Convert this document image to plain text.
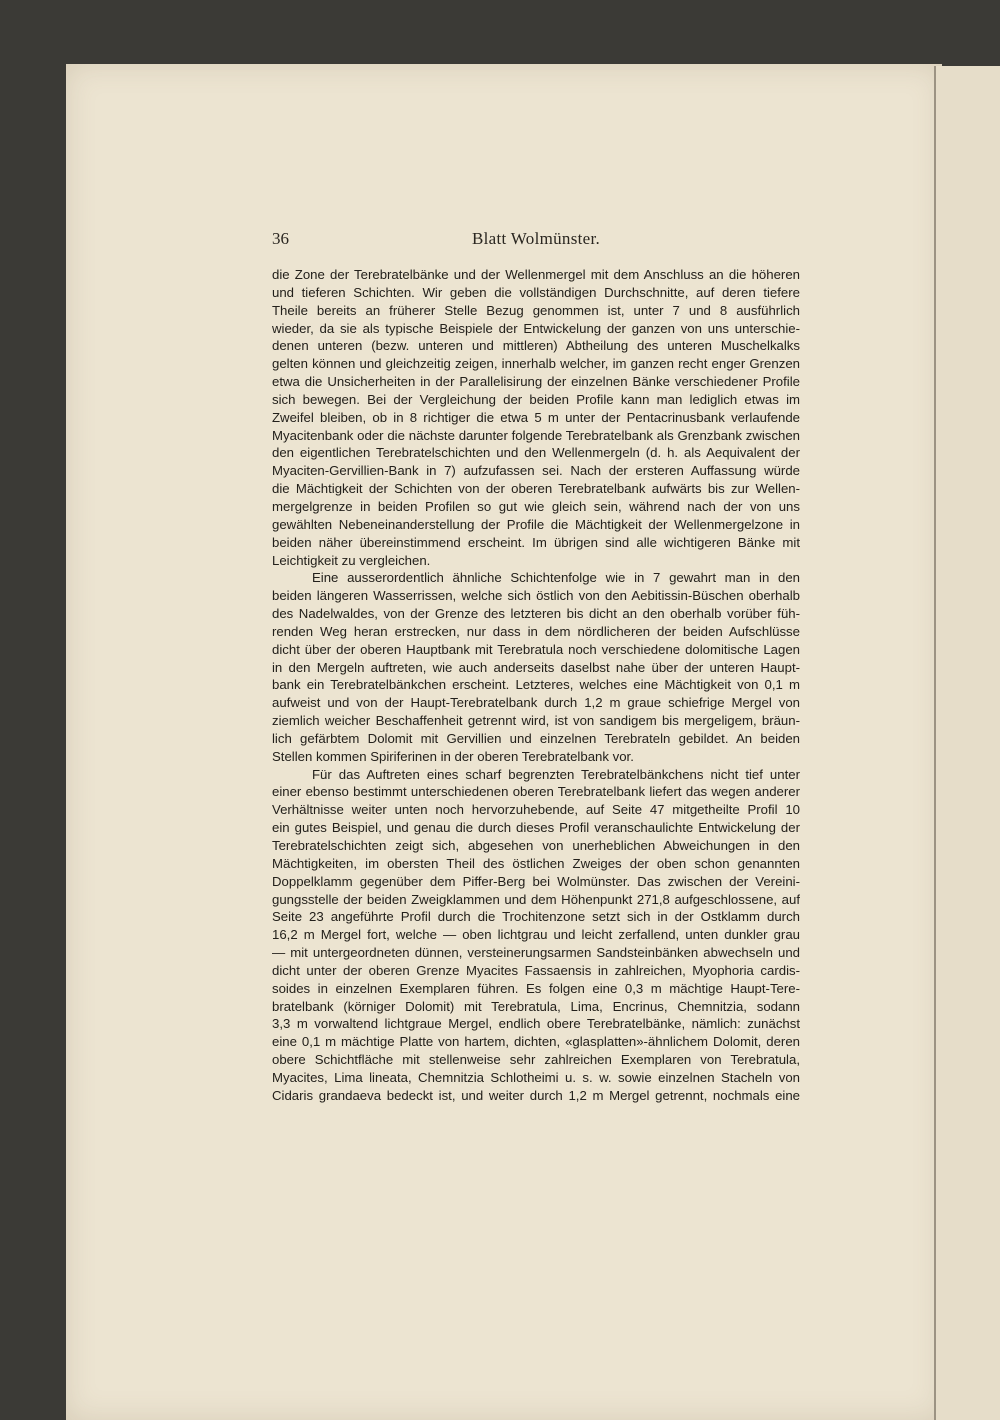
36	Blatt Wolmünster.
die Zone der Terebratelbänke und der Wellenmergel mit dem Anschluss an die höheren
und tieferen Schichten. Wir geben die vollständigen Durchschnitte, auf deren tiefere
Theile bereits an früherer Stelle Bezug genommen ist, unter 7 und 8 ausführlich
wieder, da sie als typische Beispiele der Entwickelung der ganzen von uns unterschie-
denen unteren (bezw. unteren und mittleren) Abtheilung des unteren Muschelkalks
gelten können und gleichzeitig zeigen, innerhalb welcher, im ganzen recht enger Grenzen
etwa die Unsicherheiten in der Parallelisirung der einzelnen Bänke verschiedener Profile
sich bewegen. Bei der Vergleichung der beiden Profile kann man lediglich etwas im
Zweifel bleiben, ob in 8 richtiger die etwa 5 m unter der Pentacrinusbank verlaufende
Myacitenbank oder die nächste darunter folgende Terebratelbank als Grenzbank zwischen
den eigentlichen Terebratelschichten und den Wellenmergeln (d. h. als Aequivalent der
Myaciten-Gervillien-Bank in 7) aufzufassen sei. Nach der ersteren Auffassung würde
die Mächtigkeit der Schichten von der oberen Terebratelbank aufwärts bis zur Wellen-
mergelgrenze in beiden Profilen so gut wie gleich sein, während nach der von uns
gewählten Nebeneinanderstellung der Profile die Mächtigkeit der Wellenmergelzone in
beiden näher übereinstimmend erscheint. Im übrigen sind alle wichtigeren Bänke mit
Leichtigkeit zu vergleichen.
Eine ausserordentlich ähnliche Schichtenfolge wie in 7 gewahrt man in den
beiden längeren Wasserrissen, welche sich östlich von den Aebitissin-Büschen oberhalb
des Nadelwaldes, von der Grenze des letzteren bis dicht an den oberhalb vorüber füh-
renden Weg heran erstrecken, nur dass in dem nördlicheren der beiden Aufschlüsse
dicht über der oberen Hauptbank mit Terebratula noch verschiedene dolomitische Lagen
in den Mergeln auftreten, wie auch anderseits daselbst nahe über der unteren Haupt-
bank ein Terebratelbänkchen erscheint. Letzteres, welches eine Mächtigkeit von 0,1 m
aufweist und von der Haupt-Terebratelbank durch 1,2 m graue schiefrige Mergel von
ziemlich weicher Beschaffenheit getrennt wird, ist von sandigem bis mergeligem, bräun-
lich gefärbtem Dolomit mit Gervillien und einzelnen Terebrateln gebildet. An beiden
Stellen kommen Spiriferinen in der oberen Terebratelbank vor.
Für das Auftreten eines scharf begrenzten Terebratelbänkchens nicht tief unter
einer ebenso bestimmt unterschiedenen oberen Terebratelbank liefert das wegen anderer
Verhältnisse weiter unten noch hervorzuhebende, auf Seite 47 mitgetheilte Profil 10
ein gutes Beispiel, und genau die durch dieses Profil veranschaulichte Entwickelung der
Terebratelschichten zeigt sich, abgesehen von unerheblichen Abweichungen in den
Mächtigkeiten, im obersten Theil des östlichen Zweiges der oben schon genannten
Doppelklamm gegenüber dem Piffer-Berg bei Wolmünster. Das zwischen der Vereini-
gungsstelle der beiden Zweigklammen und dem Höhenpunkt 271,8 aufgeschlossene, auf
Seite 23 angeführte Profil durch die Trochitenzone setzt sich in der Ostklamm durch
16,2 m Mergel fort, welche — oben lichtgrau und leicht zerfallend, unten dunkler grau
— mit untergeordneten dünnen, versteinerungsarmen Sandsteinbänken abwechseln und
dicht unter der oberen Grenze Myacites Fassaensis in zahlreichen, Myophoria cardis-
soides in einzelnen Exemplaren führen. Es folgen eine 0,3 m mächtige Haupt-Tere-
bratelbank (körniger Dolomit) mit Terebratula, Lima, Encrinus, Chemnitzia, sodann
3,3 m vorwaltend lichtgraue Mergel, endlich obere Terebratelbänke, nämlich: zunächst
eine 0,1 m mächtige Platte von hartem, dichten, «glasplatten»-ähnlichem Dolomit, deren
obere Schichtfläche mit stellenweise sehr zahlreichen Exemplaren von Terebratula,
Myacites, Lima lineata, Chemnitzia Schlotheimi u. s. w. sowie einzelnen Stacheln von
Cidaris grandaeva bedeckt ist, und weiter durch 1,2 m Mergel getrennt, nochmals eine
